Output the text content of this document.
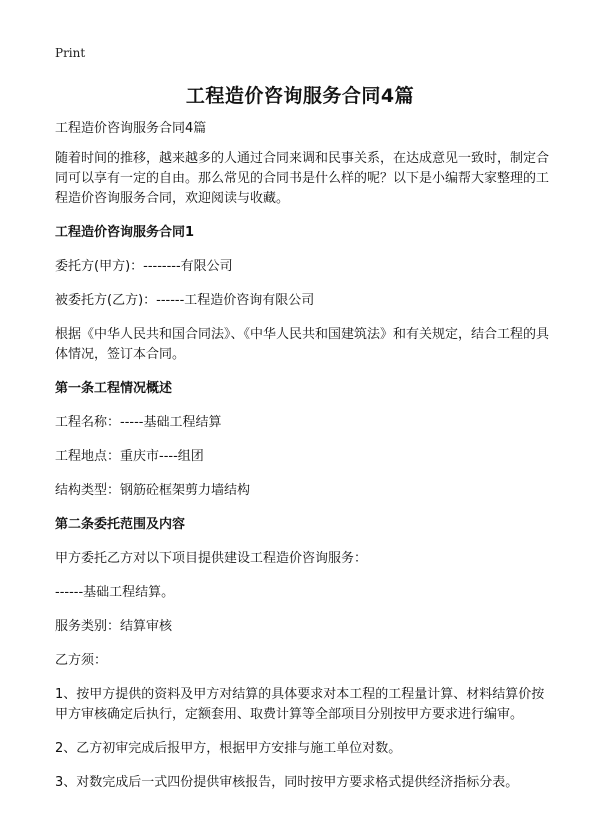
Print
工程造价咨询服务合同4篇

工程造价咨询服务合同4篇

随着时间的推移，越来越多的人通过合同来调和民事关系，在达成意见一致时，制定合同可以享有一定的自由。那么常见的合同书是什么样的呢？以下是小编帮大家整理的工程造价咨询服务合同，欢迎阅读与收藏。

工程造价咨询服务合同1

委托方(甲方)：--------有限公司

被委托方(乙方)：------工程造价咨询有限公司

根据《中华人民共和国合同法》、《中华人民共和国建筑法》和有关规定，结合工程的具体情况，签订本合同。

第一条工程情况概述

工程名称：-----基础工程结算

工程地点：重庆市----组团

结构类型：钢筋砼框架剪力墙结构

第二条委托范围及内容

甲方委托乙方对以下项目提供建设工程造价咨询服务：

------基础工程结算。

服务类别：结算审核

乙方须：

1、按甲方提供的资料及甲方对结算的具体要求对本工程的工程量计算、材料结算价按甲方审核确定后执行，定额套用、取费计算等全部项目分别按甲方要求进行编审。

2、乙方初审完成后报甲方，根据甲方安排与施工单位对数。

3、对数完成后一式四份提供审核报告，同时按甲方要求格式提供经济指标分表。
